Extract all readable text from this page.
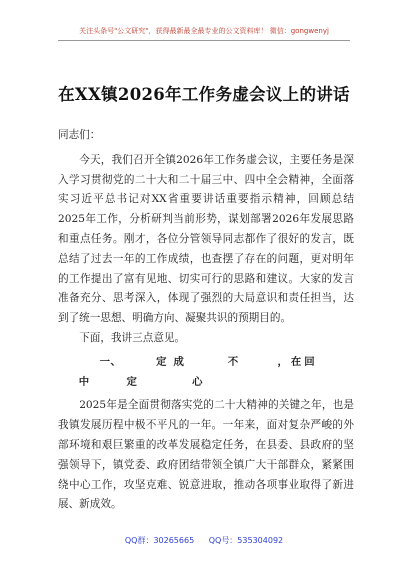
关注头条号"公文研究"，获得最新最全最专业的公文资料库！ 微信：gongwenyj
在XX镇2026年工作务虚会议上的讲话

同志们：

今天，我们召开全镇2026年工作务虚会议，主要任务是深入学习贯彻党的二十大和二十届三中、四中全会精神，全面落实习近平总书记对XX省重要讲话重要指示精神，回顾总结2025年工作，分析研判当前形势，谋划部署2026年发展思路和重点任务。刚才，各位分管领导同志都作了很好的发言，既总结了过去一年的工作成绩，也查摆了存在的问题，更对明年的工作提出了富有见地、切实可行的思路和建议。大家的发言准备充分、思考深入，体现了强烈的大局意识和责任担当，达到了统一思想、明确方向、凝聚共识的预期目的。

下面，我讲三点意见。

一、	定成	不	，在回中	定	心

2025年是全面贯彻落实党的二十大精神的关键之年，也是我镇发展历程中极不平凡的一年。一年来，面对复杂严峻的外部环境和艰巨繁重的改革发展稳定任务，在县委、县政府的坚强领导下，镇党委、政府团结带领全镇广大干部群众，紧紧围绕中心工作，攻坚克难、锐意进取，推动各项事业取得了新进展、新成效。

QQ群：30265665 QQ号：535304092
